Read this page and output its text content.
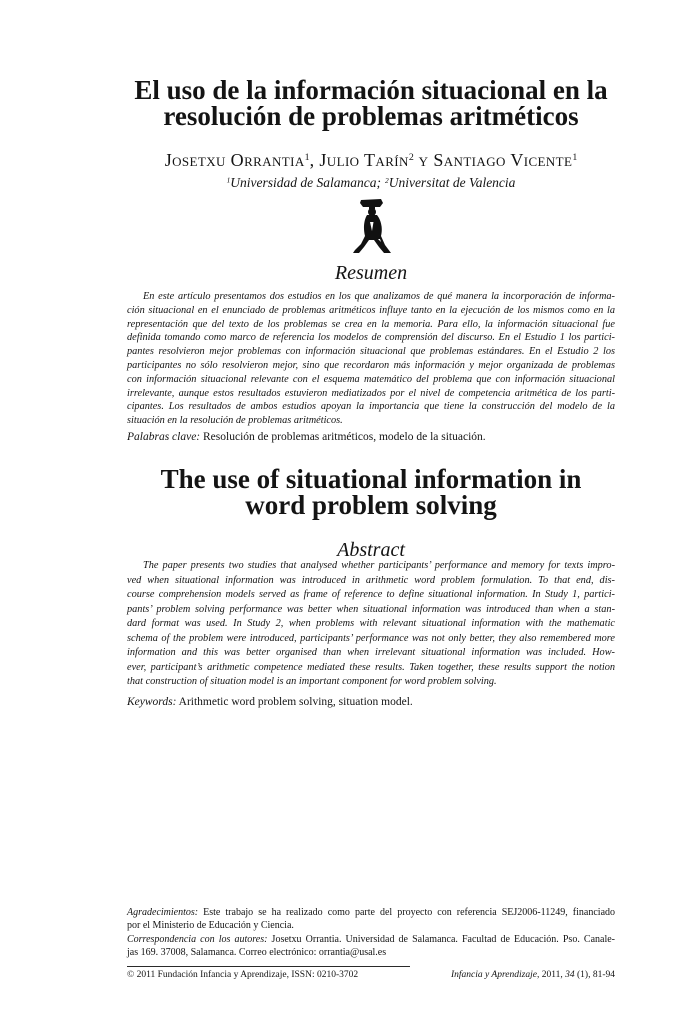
El uso de la información situacional en la
resolución de problemas aritméticos
Josetxu Orrantia$^1$, Julio Tarín$^2$ y Santiago Vicente$^1$
$^1$Universidad de Salamanca; $^2$Universitat de Valencia
Resumen
En este artículo presentamos dos estudios en los que analizamos de qué manera la incorporación de informa-
ción situacional en el enunciado de problemas aritméticos influye tanto en la ejecución de los mismos como en la
representación que del texto de los problemas se crea en la memoria. Para ello, la información situacional fue
definida tomando como marco de referencia los modelos de comprensión del discurso. En el Estudio 1 los partici-
pantes resolvieron mejor problemas con información situacional que problemas estándares. En el Estudio 2 los
participantes no sólo resolvieron mejor, sino que recordaron más información y mejor organizada de problemas
con información situacional relevante con el esquema matemático del problema que con información situacional
irrelevante, aunque estos resultados estuvieron mediatizados por el nivel de competencia aritmética de los parti-
cipantes. Los resultados de ambos estudios apoyan la importancia que tiene la construcción del modelo de la
situación en la resolución de problemas aritméticos.
Palabras clave: Resolución de problemas aritméticos, modelo de la situación.
The use of situational information in
word problem solving
Abstract
The paper presents two studies that analysed whether participants’ performance and memory for texts impro-
ved when situational information was introduced in arithmetic word problem formulation. To that end, dis-
course comprehension models served as frame of reference to define situational information. In Study 1, partici-
pants’ problem solving performance was better when situational information was introduced than when a stan-
dard format was used. In Study 2, when problems with relevant situational information with the mathematic
schema of the problem were introduced, participants’ performance was not only better, they also remembered more
information and this was better organised than when irrelevant situational information was included. How-
ever, participant’s arithmetic competence mediated these results. Taken together, these results support the notion
that construction of situation model is an important component for word problem solving.
Keywords: Arithmetic word problem solving, situation model.
Agradecimientos: Este trabajo se ha realizado como parte del proyecto con referencia SEJ2006-11249, financiado
por el Ministerio de Educación y Ciencia.
Correspondencia con los autores: Josetxu Orrantia. Universidad de Salamanca. Facultad de Educación. Pso. Canale-
jas 169. 37008, Salamanca. Correo electrónico: orrantia@usal.es
© 2011 Fundación Infancia y Aprendizaje, ISSN: 0210-3702	Infancia y Aprendizaje, 2011, 34 (1), 81-94
